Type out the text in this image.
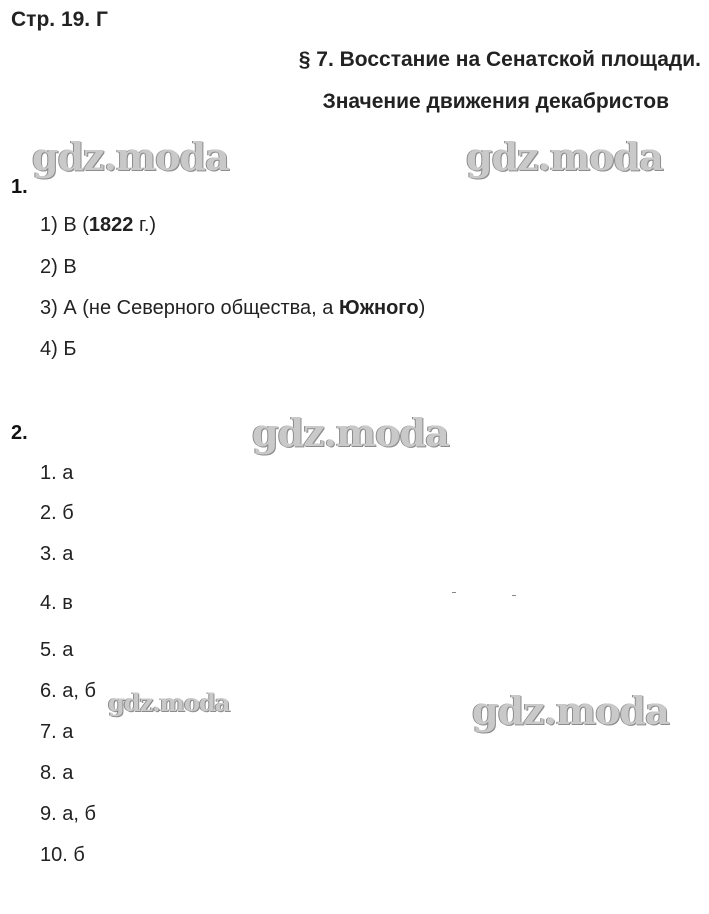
Стр. 19. Г
§ 7. Восстание на Сенатской площади.
Значение движения декабристов
gdz.moda	gdz.moda
gdz.moda
gdz.moda	gdz.moda
1.
1) В (1822 г.)
2) В
3) А (не Северного общества, а Южного)
4) Б
2.
1. а
2. б
3. а
4. в
5. а
6. а, б
7. а
8. а
9. а, б
10. б
